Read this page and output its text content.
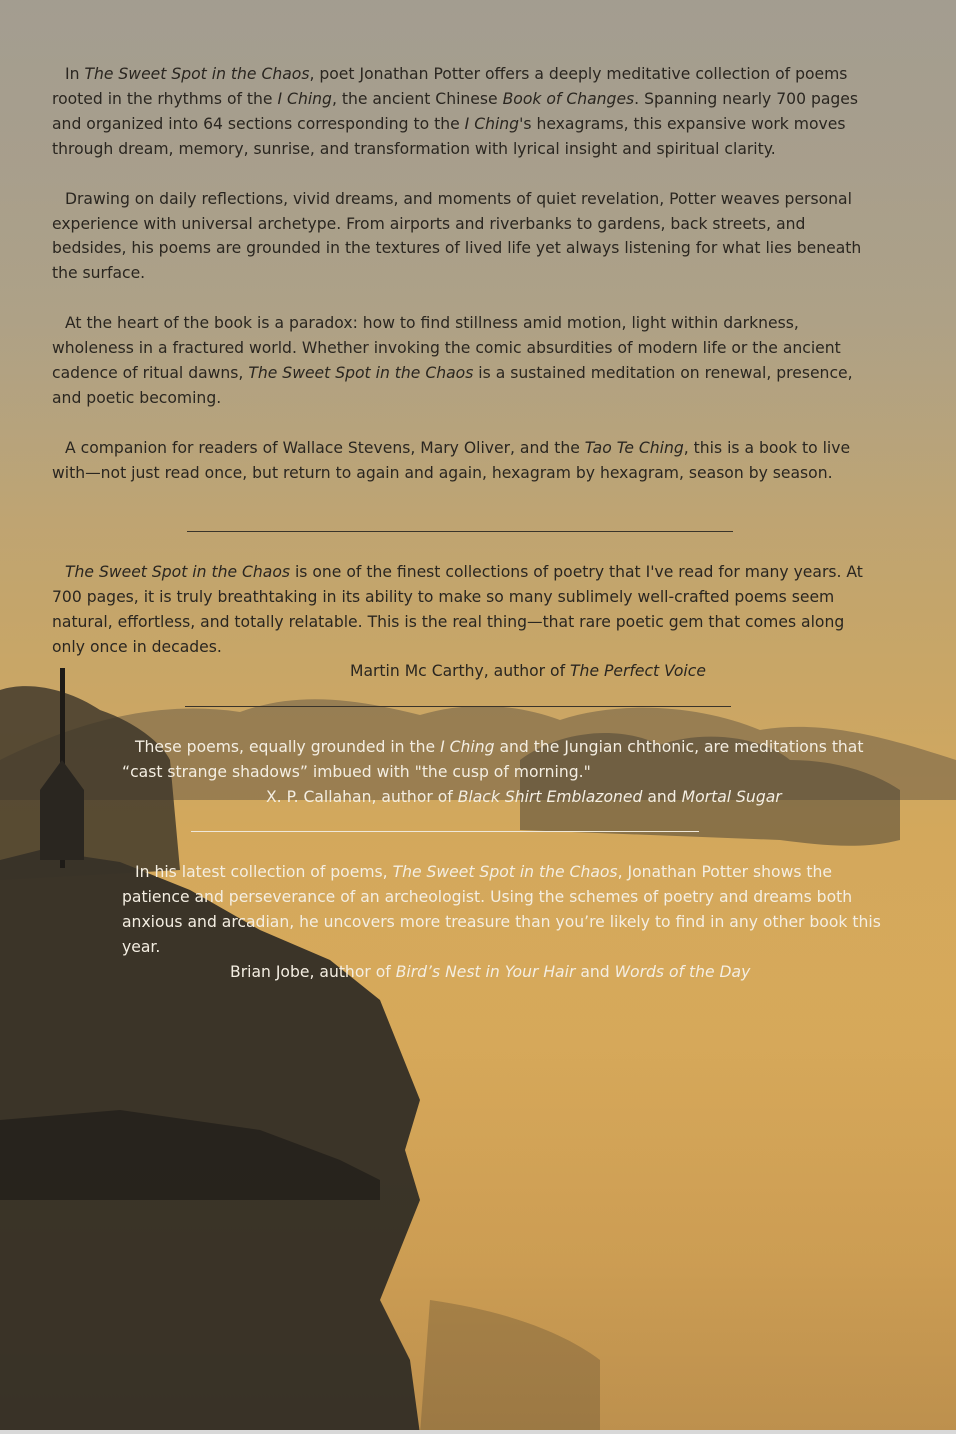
In The Sweet Spot in the Chaos, poet Jonathan Potter offers a deeply meditative collection of poems rooted in the rhythms of the I Ching, the ancient Chinese Book of Changes. Spanning nearly 700 pages and organized into 64 sections corresponding to the I Ching's hexagrams, this expansive work moves through dream, memory, sunrise, and transformation with lyrical insight and spiritual clarity.

Drawing on daily reflections, vivid dreams, and moments of quiet revelation, Potter weaves personal experience with universal archetype. From airports and riverbanks to gardens, back streets, and bedsides, his poems are grounded in the textures of lived life yet always listening for what lies beneath the surface.

At the heart of the book is a paradox: how to find stillness amid motion, light within darkness, wholeness in a fractured world. Whether invoking the comic absurdities of modern life or the ancient cadence of ritual dawns, The Sweet Spot in the Chaos is a sustained meditation on renewal, presence, and poetic becoming.

A companion for readers of Wallace Stevens, Mary Oliver, and the Tao Te Ching, this is a book to live with—not just read once, but return to again and again, hexagram by hexagram, season by season.

The Sweet Spot in the Chaos is one of the finest collections of poetry that I've read for many years. At 700 pages, it is truly breathtaking in its ability to make so many sublimely well-crafted poems seem natural, effortless, and totally relatable. This is the real thing—that rare poetic gem that comes along only once in decades.

Martin Mc Carthy, author of The Perfect Voice

These poems, equally grounded in the I Ching and the Jungian chthonic, are meditations that “cast strange shadows” imbued with "the cusp of morning."

X. P. Callahan, author of Black Shirt Emblazoned and Mortal Sugar

In his latest collection of poems, The Sweet Spot in the Chaos, Jonathan Potter shows the patience and perseverance of an archeologist. Using the schemes of poetry and dreams both anxious and arcadian, he uncovers more treasure than you’re likely to find in any other book this year.

Brian Jobe, author of Bird’s Nest in Your Hair and Words of the Day
